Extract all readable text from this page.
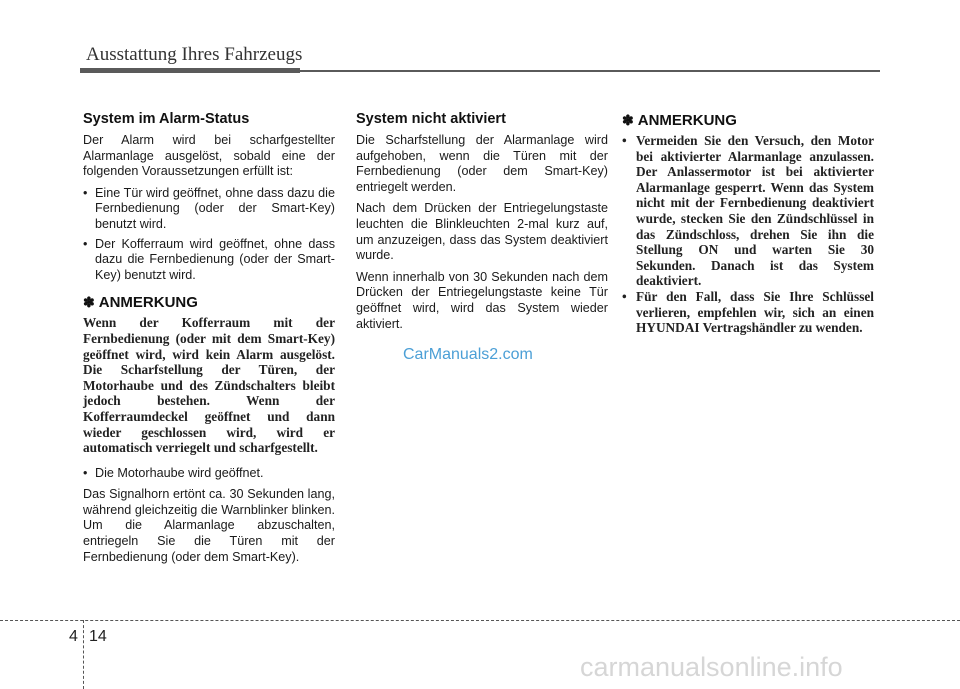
Ausstattung Ihres Fahrzeugs
System im Alarm-Status

Der Alarm wird bei scharfgestellter Alarmanlage ausgelöst, sobald eine der folgenden Voraussetzungen erfüllt ist:

• Eine Tür wird geöffnet, ohne dass dazu die Fernbedienung (oder der Smart-Key) benutzt wird.
• Der Kofferraum wird geöffnet, ohne dass dazu die Fernbedienung (oder der Smart-Key) benutzt wird.
✽ ANMERKUNG

Wenn der Kofferraum mit der Fernbedienung (oder mit dem Smart-Key) geöffnet wird, wird kein Alarm ausgelöst. Die Scharfstellung der Türen, der Motorhaube und des Zündschalters bleibt jedoch bestehen. Wenn der Kofferraumdeckel geöffnet und dann wieder geschlossen wird, wird er automatisch verriegelt und scharfgestellt.

• Die Motorhaube wird geöffnet.

Das Signalhorn ertönt ca. 30 Sekunden lang, während gleichzeitig die Warnblinker blinken. Um die Alarmanlage abzuschalten, entriegeln Sie die Türen mit der Fernbedienung (oder dem Smart-Key).

System nicht aktiviert

Die Scharfstellung der Alarmanlage wird aufgehoben, wenn die Türen mit der Fernbedienung (oder dem Smart-Key) entriegelt werden.

Nach dem Drücken der Entriegelungstaste leuchten die Blinkleuchten 2-mal kurz auf, um anzuzeigen, dass das System deaktiviert wurde.

Wenn innerhalb von 30 Sekunden nach dem Drücken der Entriegelungstaste keine Tür geöffnet wird, wird das System wieder aktiviert.

✽ ANMERKUNG
• Vermeiden Sie den Versuch, den Motor bei aktivierter Alarmanlage anzulassen. Der Anlassermotor ist bei aktivierter Alarmanlage gesperrt. Wenn das System nicht mit der Fernbedienung deaktiviert wurde, stecken Sie den Zündschlüssel in das Zündschloss, drehen Sie ihn die Stellung ON und warten Sie 30 Sekunden. Danach ist das System deaktiviert.
• Für den Fall, dass Sie Ihre Schlüssel verlieren, empfehlen wir, sich an einen HYUNDAI Vertragshändler zu wenden.
CarManuals2.com
4 14
carmanualsonline.info
